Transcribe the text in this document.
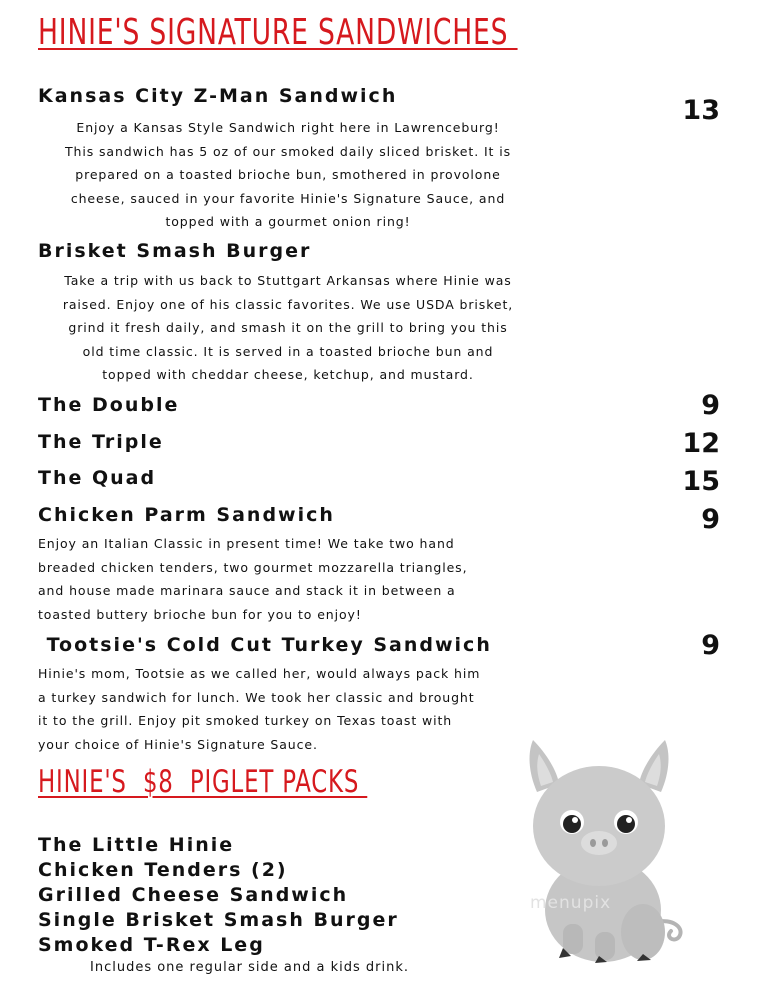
HINIE'S SIGNATURE SANDWICHES
Kansas City Z-Man Sandwich	13
Enjoy a Kansas Style Sandwich right here in Lawrenceburg!
This sandwich has 5 oz of our smoked daily sliced brisket. It is
prepared on a toasted brioche bun, smothered in provolone
cheese, sauced in your favorite Hinie's Signature Sauce, and
topped with a gourmet onion ring!
Brisket Smash Burger
Take a trip with us back to Stuttgart Arkansas where Hinie was
raised. Enjoy one of his classic favorites. We use USDA brisket,
grind it fresh daily, and smash it on the grill to bring you this
old time classic. It is served in a toasted brioche bun and
topped with cheddar cheese, ketchup, and mustard.
The Double	9
The Triple	12
The Quad	15
Chicken Parm Sandwich	9
Enjoy an Italian Classic in present time! We take two hand
breaded chicken tenders, two gourmet mozzarella triangles,
and house made marinara sauce and stack it in between a
toasted buttery brioche bun for you to enjoy!
Tootsie's Cold Cut Turkey Sandwich	9
Hinie's mom, Tootsie as we called her, would always pack him
a turkey sandwich for lunch. We took her classic and brought
it to the grill. Enjoy pit smoked turkey on Texas toast with
your choice of Hinie's Signature Sauce.
HINIE'S  $8  PIGLET PACKS
The Little Hinie
Chicken Tenders (2)
Grilled Cheese Sandwich
Single Brisket Smash Burger
Smoked T-Rex Leg
Includes one regular side and a kids drink.
menupix
